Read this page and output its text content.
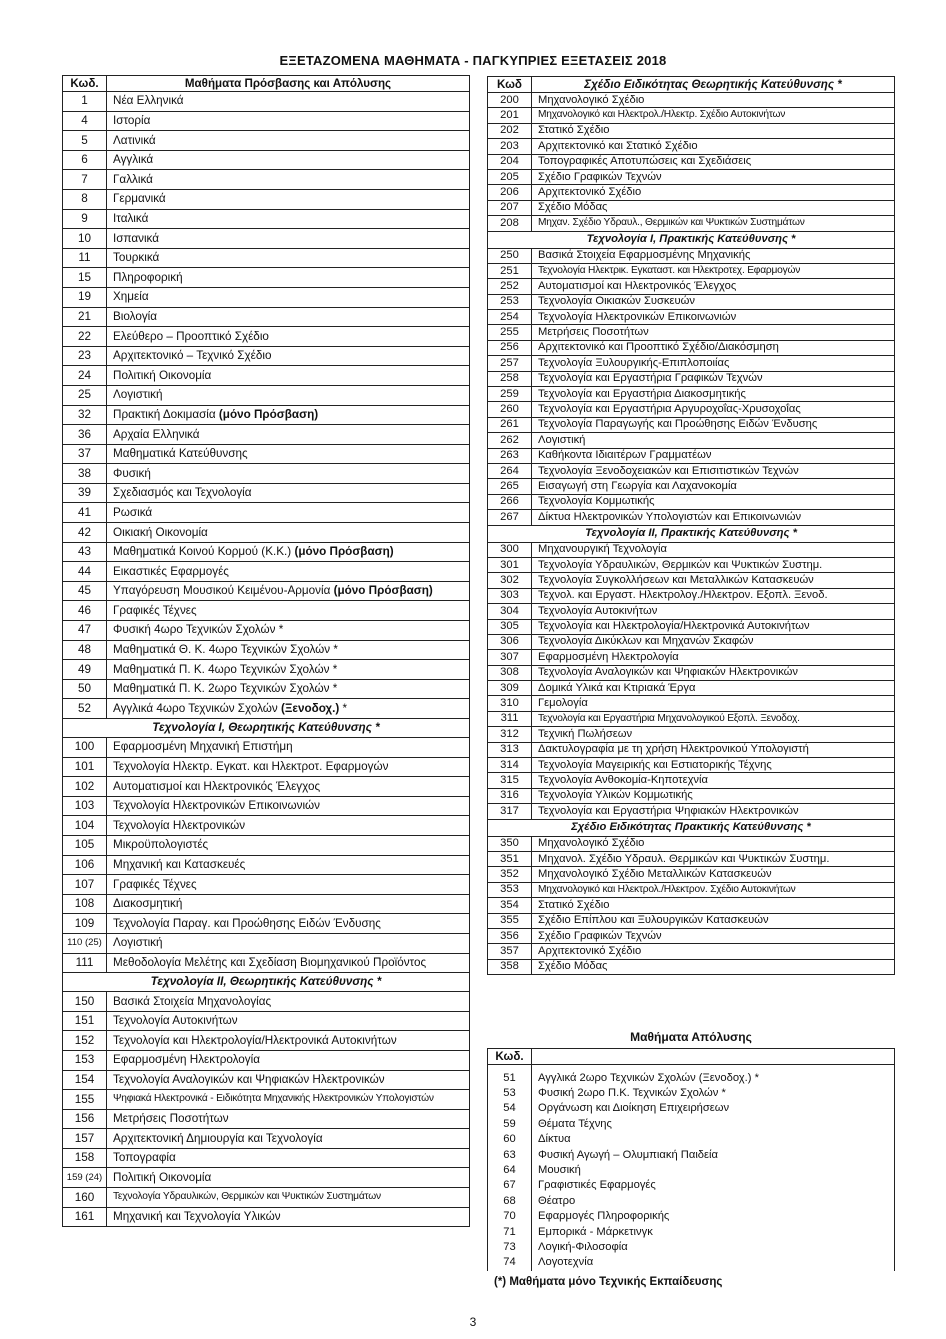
ΕΞΕΤΑΖΟΜΕΝΑ ΜΑΘΗΜΑΤΑ - ΠΑΓΚΥΠΡΙΕΣ ΕΞΕΤΑΣΕΙΣ 2018
Κωδ.	Μαθήματα Πρόσβασης και Απόλυσης
1	Νέα Ελληνικά
4	Ιστορία
5	Λατινικά
6	Αγγλικά
7	Γαλλικά
8	Γερμανικά
9	Ιταλικά
10	Ισπανικά
11	Τουρκικά
15	Πληροφορική
19	Χημεία
21	Βιολογία
22	Ελεύθερο – Προοπτικό Σχέδιο
23	Αρχιτεκτονικό – Τεχνικό Σχέδιο
24	Πολιτική Οικονομία
25	Λογιστική
32	Πρακτική Δοκιμασία (μόνο Πρόσβαση)
36	Αρχαία Ελληνικά
37	Μαθηματικά Κατεύθυνσης
38	Φυσική
39	Σχεδιασμός και Τεχνολογία
41	Ρωσικά
42	Οικιακή Οικονομία
43	Μαθηματικά Κοινού Κορμού (Κ.Κ.) (μόνο Πρόσβαση)
44	Εικαστικές Εφαρμογές
45	Υπαγόρευση Μουσικού Κειμένου-Αρμονία (μόνο Πρόσβαση)
46	Γραφικές Τέχνες
47	Φυσική 4ωρο Τεχνικών Σχολών *
48	Μαθηματικά Θ. Κ. 4ωρο Τεχνικών Σχολών *
49	Μαθηματικά Π. Κ. 4ωρο Τεχνικών Σχολών *
50	Μαθηματικά Π. Κ. 2ωρο Τεχνικών Σχολών *
52	Αγγλικά 4ωρο Τεχνικών Σχολών (Ξενοδοχ.) *
Τεχνολογία Ι, Θεωρητικής Κατεύθυνσης *	
100	Εφαρμοσμένη Μηχανική Επιστήμη
101	Τεχνολογία Ηλεκτρ. Εγκατ. και Ηλεκτροτ. Εφαρμογών
102	Αυτοματισμοί και Ηλεκτρονικός Έλεγχος
103	Τεχνολογία Ηλεκτρονικών Επικοινωνιών
104	Τεχνολογία Ηλεκτρονικών
105	Μικροϋπολογιστές
106	Μηχανική και Κατασκευές
107	Γραφικές Τέχνες
108	Διακοσμητική
109	Τεχνολογία Παραγ. και Προώθησης Ειδών Ένδυσης
110 (25)	Λογιστική
111	Μεθοδολογία Μελέτης και Σχεδίαση Βιομηχανικού Προϊόντος
Τεχνολογία ΙΙ, Θεωρητικής Κατεύθυνσης *	
150	Βασικά Στοιχεία Μηχανολογίας
151	Τεχνολογία Αυτοκινήτων
152	Τεχνολογία και Ηλεκτρολογία/Ηλεκτρονικά Αυτοκινήτων
153	Εφαρμοσμένη Ηλεκτρολογία
154	Τεχνολογία Αναλογικών και Ψηφιακών Ηλεκτρονικών
155	Ψηφιακά Ηλεκτρονικά - Ειδικότητα Μηχανικής Ηλεκτρονικών Υπολογιστών
156	Μετρήσεις Ποσοτήτων
157	Αρχιτεκτονική Δημιουργία και Τεχνολογία
158	Τοπογραφία
159 (24)	Πολιτική Οικονομία
160	Τεχνολογία Υδραυλικών, Θερμικών και Ψυκτικών Συστημάτων
161	Μηχανική και Τεχνολογία Υλικών
Κωδ	Σχέδιο Ειδικότητας Θεωρητικής Κατεύθυνσης *
200	Μηχανολογικό Σχέδιο
201	Μηχανολογικό και Ηλεκτρολ./Ηλεκτρ. Σχέδιο Αυτοκινήτων
202	Στατικό Σχέδιο
203	Αρχιτεκτονικό και Στατικό Σχέδιο
204	Τοπογραφικές Αποτυπώσεις και Σχεδιάσεις
205	Σχέδιο Γραφικών Τεχνών
206	Αρχιτεκτονικό Σχέδιο
207	Σχέδιο Μόδας
208	Μηχαν. Σχέδιο Υδραυλ., Θερμικών και Ψυκτικών Συστημάτων
Τεχνολογία Ι, Πρακτικής Κατεύθυνσης *	
250	Βασικά Στοιχεία Εφαρμοσμένης Μηχανικής
251	Τεχνολογία Ηλεκτρικ. Εγκαταστ. και Ηλεκτροτεχ. Εφαρμογών
252	Αυτοματισμοί και Ηλεκτρονικός Έλεγχος
253	Τεχνολογία Οικιακών Συσκευών
254	Τεχνολογία Ηλεκτρονικών Επικοινωνιών
255	Μετρήσεις Ποσοτήτων
256	Αρχιτεκτονικό και Προοπτικό Σχέδιο/Διακόσμηση
257	Τεχνολογία Ξυλουργικής-Επιπλοποιίας
258	Τεχνολογία και Εργαστήρια Γραφικών Τεχνών
259	Τεχνολογία και Εργαστήρια Διακοσμητικής
260	Τεχνολογία και Εργαστήρια Αργυροχοΐας-Χρυσοχοΐας
261	Τεχνολογία Παραγωγής και Προώθησης Ειδών Ένδυσης
262	Λογιστική
263	Καθήκοντα Ιδιαιτέρων Γραμματέων
264	Τεχνολογία Ξενοδοχειακών και Επισιτιστικών Τεχνών
265	Εισαγωγή στη Γεωργία και Λαχανοκομία
266	Τεχνολογία Κομμωτικής
267	Δίκτυα Ηλεκτρονικών Υπολογιστών και Επικοινωνιών
Τεχνολογία ΙΙ, Πρακτικής Κατεύθυνσης *	
300	Μηχανουργική Τεχνολογία
301	Τεχνολογία Υδραυλικών, Θερμικών και Ψυκτικών Συστημ.
302	Τεχνολογία Συγκολλήσεων και Μεταλλικών Κατασκευών
303	Τεχνολ. και Εργαστ. Ηλεκτρολογ./Ηλεκτρον. Εξοπλ. Ξενοδ.
304	Τεχνολογία Αυτοκινήτων
305	Τεχνολογία και Ηλεκτρολογία/Ηλεκτρονικά Αυτοκινήτων
306	Τεχνολογία Δικύκλων και Μηχανών Σκαφών
307	Εφαρμοσμένη Ηλεκτρολογία
308	Τεχνολογία Αναλογικών και Ψηφιακών Ηλεκτρονικών
309	Δομικά Υλικά και Κτιριακά Έργα
310	Γεμολογία
311	Τεχνολογία και Εργαστήρια Μηχανολογικού Εξοπλ. Ξενοδοχ.
312	Τεχνική Πωλήσεων
313	Δακτυλογραφία με τη χρήση Ηλεκτρονικού Υπολογιστή
314	Τεχνολογία Μαγειρικής και Εστιατορικής Τέχνης
315	Τεχνολογία Ανθοκομία-Κηποτεχνία
316	Τεχνολογία Υλικών Κομμωτικής
317	Τεχνολογία και Εργαστήρια Ψηφιακών Ηλεκτρονικών
Σχέδιο Ειδικότητας Πρακτικής Κατεύθυνσης *	
350	Μηχανολογικό Σχέδιο
351	Μηχανολ. Σχέδιο Υδραυλ. Θερμικών και Ψυκτικών Συστημ.
352	Μηχανολογικό Σχέδιο Μεταλλικών Κατασκευών
353	Μηχανολογικό και Ηλεκτρολ./Ηλεκτρον. Σχέδιο Αυτοκινήτων
354	Στατικό Σχέδιο
355	Σχέδιο Επίπλου και Ξυλουργικών Κατασκευών
356	Σχέδιο Γραφικών Τεχνών
357	Αρχιτεκτονικό Σχέδιο
358	Σχέδιο Μόδας
Μαθήματα Απόλυσης
Κωδ.	

51	Αγγλικά 2ωρο Τεχνικών Σχολών (Ξενοδοχ.) *
53	Φυσική 2ωρο Π.Κ. Τεχνικών Σχολών *
54	Οργάνωση και Διοίκηση Επιχειρήσεων
59	Θέματα Τέχνης
60	Δίκτυα
63	Φυσική Αγωγή – Ολυμπιακή Παιδεία
64	Μουσική
67	Γραφιστικές Εφαρμογές
68	Θέατρο
70	Εφαρμογές Πληροφορικής
71	Εμπορικά - Μάρκετινγκ
73	Λογική-Φιλοσοφία
74	Λογοτεχνία
(*) Μαθήματα μόνο Τεχνικής Εκπαίδευσης
3
